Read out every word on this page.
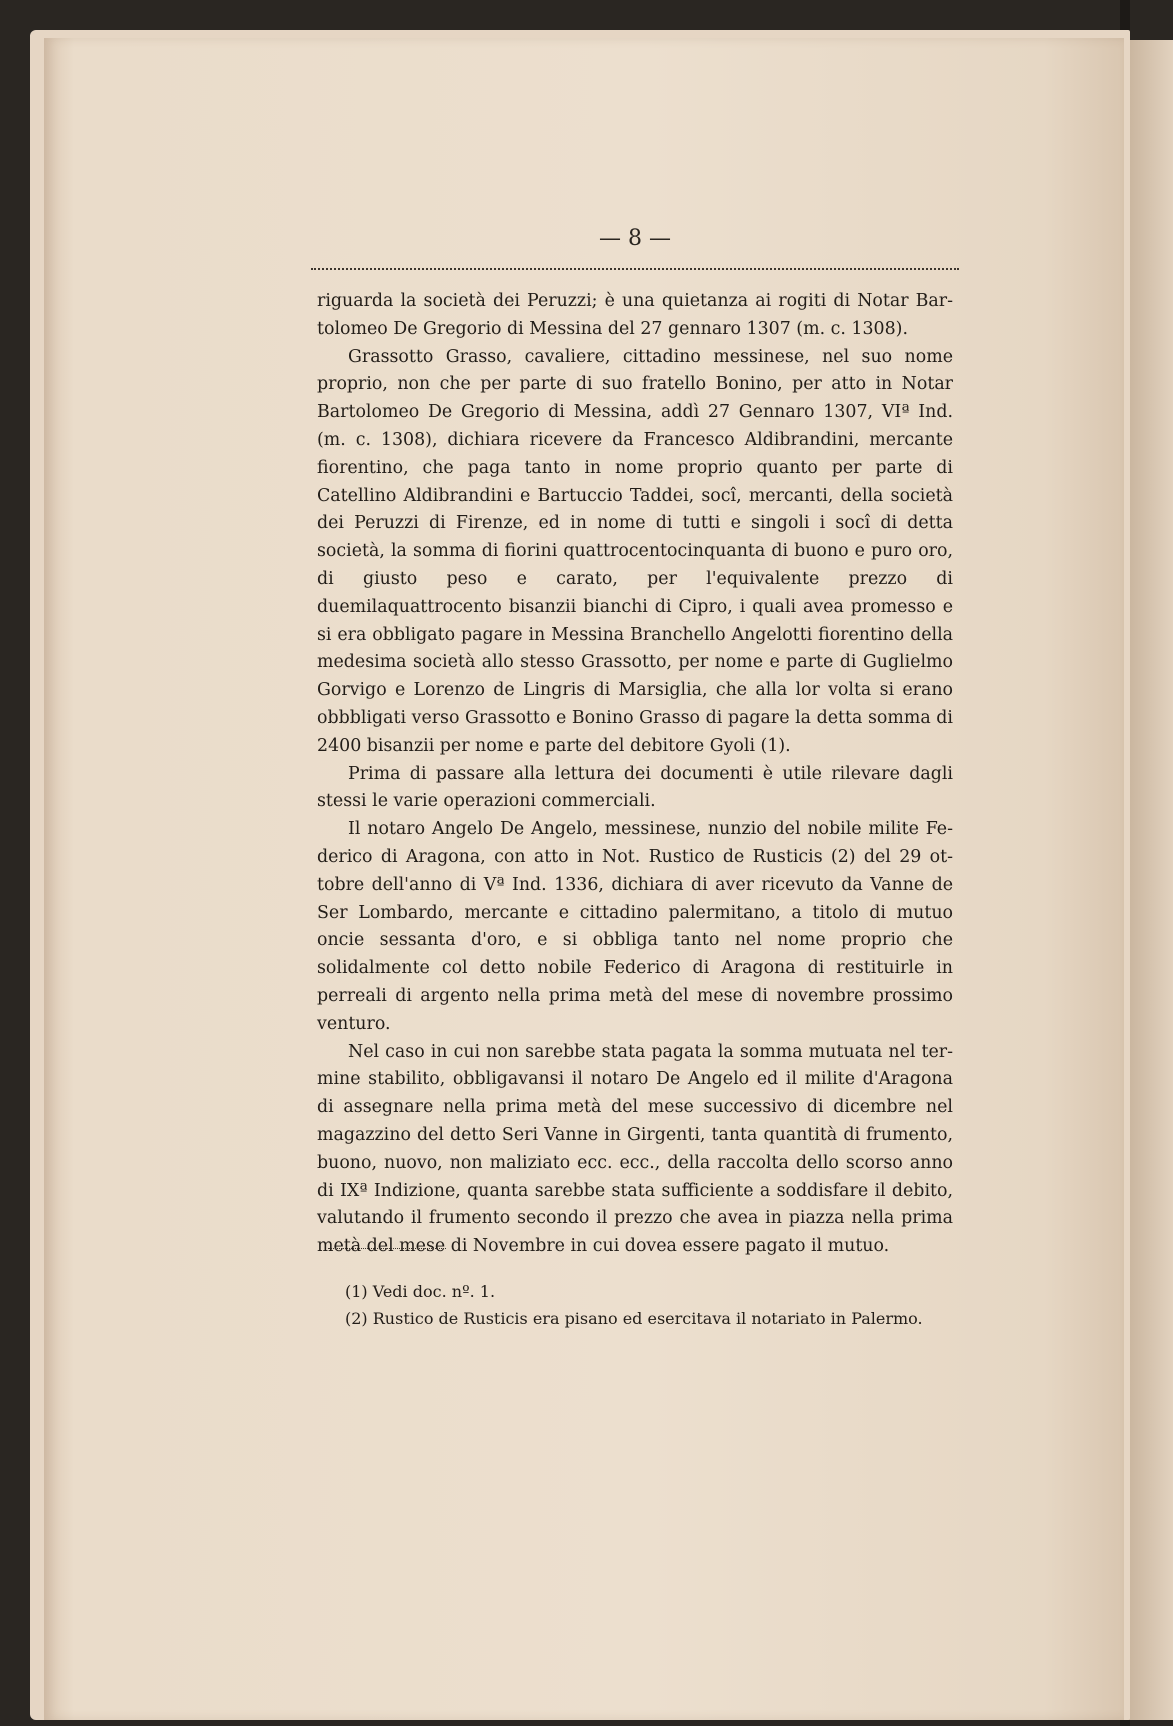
— 8 —

riguarda la società dei Peruzzi; è una quietanza ai rogiti di Notar Bartolomeo De Gregorio di Messina del 27 gennaro 1307 (m. c. 1308).

Grassotto Grasso, cavaliere, cittadino messinese, nel suo nome proprio, non che per parte di suo fratello Bonino, per atto in Notar Bartolomeo De Gregorio di Messina, addì 27 Gennaro 1307, VIª Ind. (m. c. 1308), dichiara ricevere da Francesco Aldibrandini, mercante fiorentino, che paga tanto in nome proprio quanto per parte di Catellino Aldibrandini e Bartuccio Taddei, socî, mercanti, della società dei Peruzzi di Firenze, ed in nome di tutti e singoli i socî di detta società, la somma di fiorini quattrocentocinquanta di buono e puro oro, di giusto peso e carato, per l'equivalente prezzo di duemilaquattrocento bisanzii bianchi di Cipro, i quali avea promesso e si era obbligato pagare in Messina Branchello Angelotti fiorentino della medesima società allo stesso Grassotto, per nome e parte di Guglielmo Gorvigo e Lorenzo de Lingris di Marsiglia, che alla lor volta si erano obbbligati verso Grassotto e Bonino Grasso di pagare la detta somma di 2400 bisanzii per nome e parte del debitore Gyoli (1).

Prima di passare alla lettura dei documenti è utile rilevare dagli stessi le varie operazioni commerciali.

Il notaro Angelo De Angelo, messinese, nunzio del nobile milite Federico di Aragona, con atto in Not. Rustico de Rusticis (2) del 29 ottobre dell'anno di Vª Ind. 1336, dichiara di aver ricevuto da Vanne de Ser Lombardo, mercante e cittadino palermitano, a titolo di mutuo oncie sessanta d'oro, e si obbliga tanto nel nome proprio che solidalmente col detto nobile Federico di Aragona di restituirle in perreali di argento nella prima metà del mese di novembre prossimo venturo.

Nel caso in cui non sarebbe stata pagata la somma mutuata nel termine stabilito, obbligavansi il notaro De Angelo ed il milite d'Aragona di assegnare nella prima metà del mese successivo di dicembre nel magazzino del detto Seri Vanne in Girgenti, tanta quantità di frumento, buono, nuovo, non maliziato ecc. ecc., della raccolta dello scorso anno di IXª Indizione, quanta sarebbe stata sufficiente a soddisfare il debito, valutando il frumento secondo il prezzo che avea in piazza nella prima metà del mese di Novembre in cui dovea essere pagato il mutuo.

(1) Vedi doc. nº. 1.

(2) Rustico de Rusticis era pisano ed esercitava il notariato in Palermo.
